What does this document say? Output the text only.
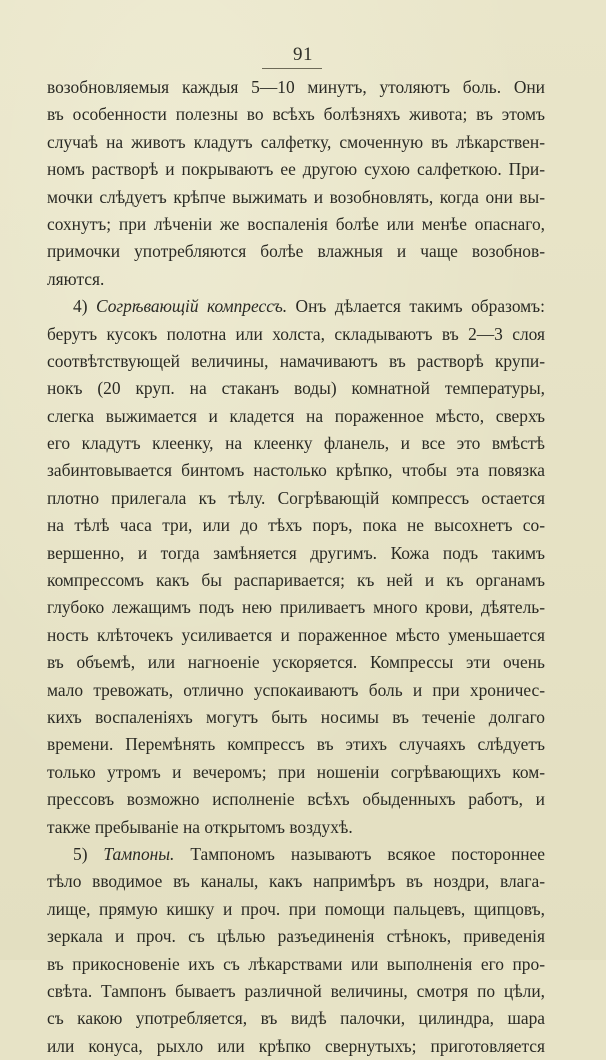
91
возобновляемыя каждыя 5—10 минутъ, утоляютъ боль. Они
въ особенности полезны во всѣхъ болѣзняхъ живота; въ этомъ
случаѣ на животъ кладутъ салфетку, смоченную въ лѣкарствен-
номъ растворѣ и покрываютъ ее другою сухою салфеткою. При-
мочки слѣдуетъ крѣпче выжимать и возобновлять, когда они вы-
сохнутъ; при лѣченіи же воспаленія болѣе или менѣе опаснаго,
примочки употребляются болѣе влажныя и чаще возобнов-
ляются.
4) Согрѣвающій компрессъ. Онъ дѣлается такимъ образомъ:
берутъ кусокъ полотна или холста, складываютъ въ 2—3 слоя
соотвѣтствующей величины, намачиваютъ въ растворѣ крупи-
нокъ (20 круп. на стаканъ воды) комнатной температуры,
слегка выжимается и кладется на пораженное мѣсто, сверхъ
его кладутъ клеенку, на клеенку фланель, и все это вмѣстѣ
забинтовывается бинтомъ настолько крѣпко, чтобы эта повязка
плотно прилегала къ тѣлу. Согрѣвающій компрессъ остается
на тѣлѣ часа три, или до тѣхъ поръ, пока не высохнетъ со-
вершенно, и тогда замѣняется другимъ. Кожа подъ такимъ
компрессомъ какъ бы распаривается; къ ней и къ органамъ
глубоко лежащимъ подъ нею приливаетъ много крови, дѣятель-
ность клѣточекъ усиливается и пораженное мѣсто уменьшается
въ объемѣ, или нагноеніе ускоряется. Компрессы эти очень
мало тревожать, отлично успокаиваютъ боль и при хроничес-
кихъ воспаленіяхъ могутъ быть носимы въ теченіе долгаго
времени. Перемѣнять компрессъ въ этихъ случаяхъ слѣдуетъ
только утромъ и вечеромъ; при ношеніи согрѣвающихъ ком-
прессовъ возможно исполненіе всѣхъ обыденныхъ работъ, и
также пребываніе на открытомъ воздухѣ.
5) Тампоны. Тампономъ называютъ всякое постороннее
тѣло вводимое въ каналы, какъ напримѣръ въ ноздри, влага-
лище, прямую кишку и проч. при помощи пальцевъ, щипцовъ,
зеркала и проч. съ цѣлью разъединенія стѣнокъ, приведенія
въ прикосновеніе ихъ съ лѣкарствами или выполненія его про-
свѣта. Тампонъ бываетъ различной величины, смотря по цѣли,
съ какою употребляется, въ видѣ палочки, цилиндра, шара
или конуса, рыхло или крѣпко свернутыхъ; приготовляется
